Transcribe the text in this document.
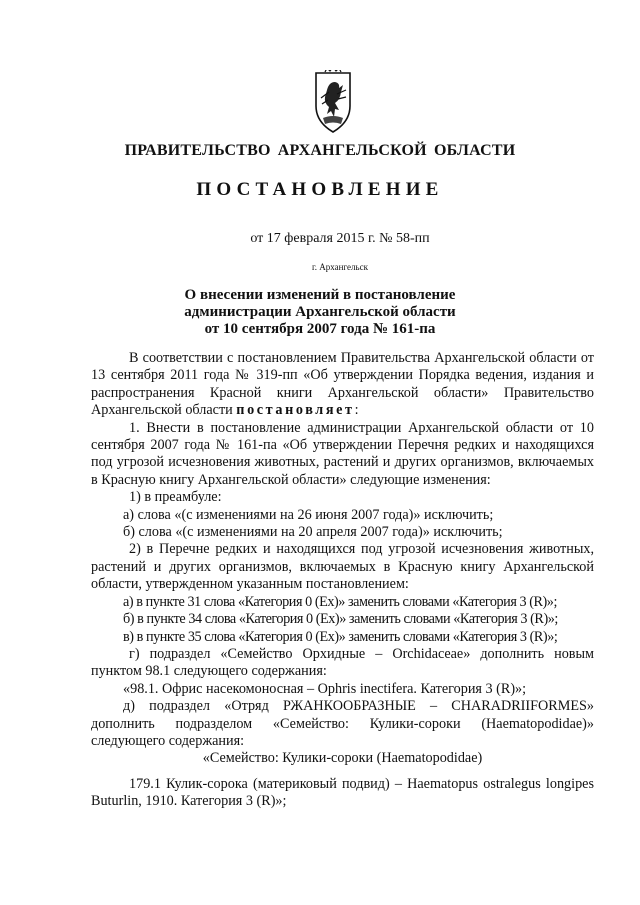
ПРАВИТЕЛЬСТВО АРХАНГЕЛЬСКОЙ ОБЛАСТИ
ПОСТАНОВЛЕНИЕ
от 17 февраля 2015 г. № 58-пп
г. Архангельск
О внесении изменений в постановление
администрации Архангельской области
от 10 сентября 2007 года № 161-па

В соответствии с постановлением Правительства Архангельской области от 13 сентября 2011 года № 319-пп «Об утверждении Порядка ведения, издания и распространения Красной книги Архангельской области» Правительство Архангельской области постановляет:

1. Внести в постановление администрации Архангельской области от 10 сентября 2007 года № 161-па «Об утверждении Перечня редких и находящихся под угрозой исчезновения животных, растений и других организмов, включаемых в Красную книгу Архангельской области» следующие изменения:

1) в преамбуле:

а) слова «(с изменениями на 26 июня 2007 года)» исключить;

б) слова «(с изменениями на 20 апреля 2007 года)» исключить;

2) в Перечне редких и находящихся под угрозой исчезновения животных, растений и других организмов, включаемых в Красную книгу Архангельской области, утвержденном указанным постановлением:

а) в пункте 31 слова «Категория 0 (Ex)» заменить словами «Категория 3 (R)»;

б) в пункте 34 слова «Категория 0 (Ex)» заменить словами «Категория 3 (R)»;

в) в пункте 35 слова «Категория 0 (Ex)» заменить словами «Категория 3 (R)»;

г) подраздел «Семейство Орхидные – Orchidaceae» дополнить новым пунктом 98.1 следующего содержания:

«98.1. Офрис насекомоносная – Ophris inectifera. Категория 3 (R)»;

д) подраздел «Отряд РЖАНКООБРАЗНЫЕ – CHARADRIIFORMES» дополнить подразделом «Семейство: Кулики-сороки (Haematopodidae)» следующего содержания:

«Семейство: Кулики-сороки (Haematopodidae)

179.1 Кулик-сорока (материковый подвид) – Haematopus ostralegus longipes Buturlin, 1910. Категория 3 (R)»;
